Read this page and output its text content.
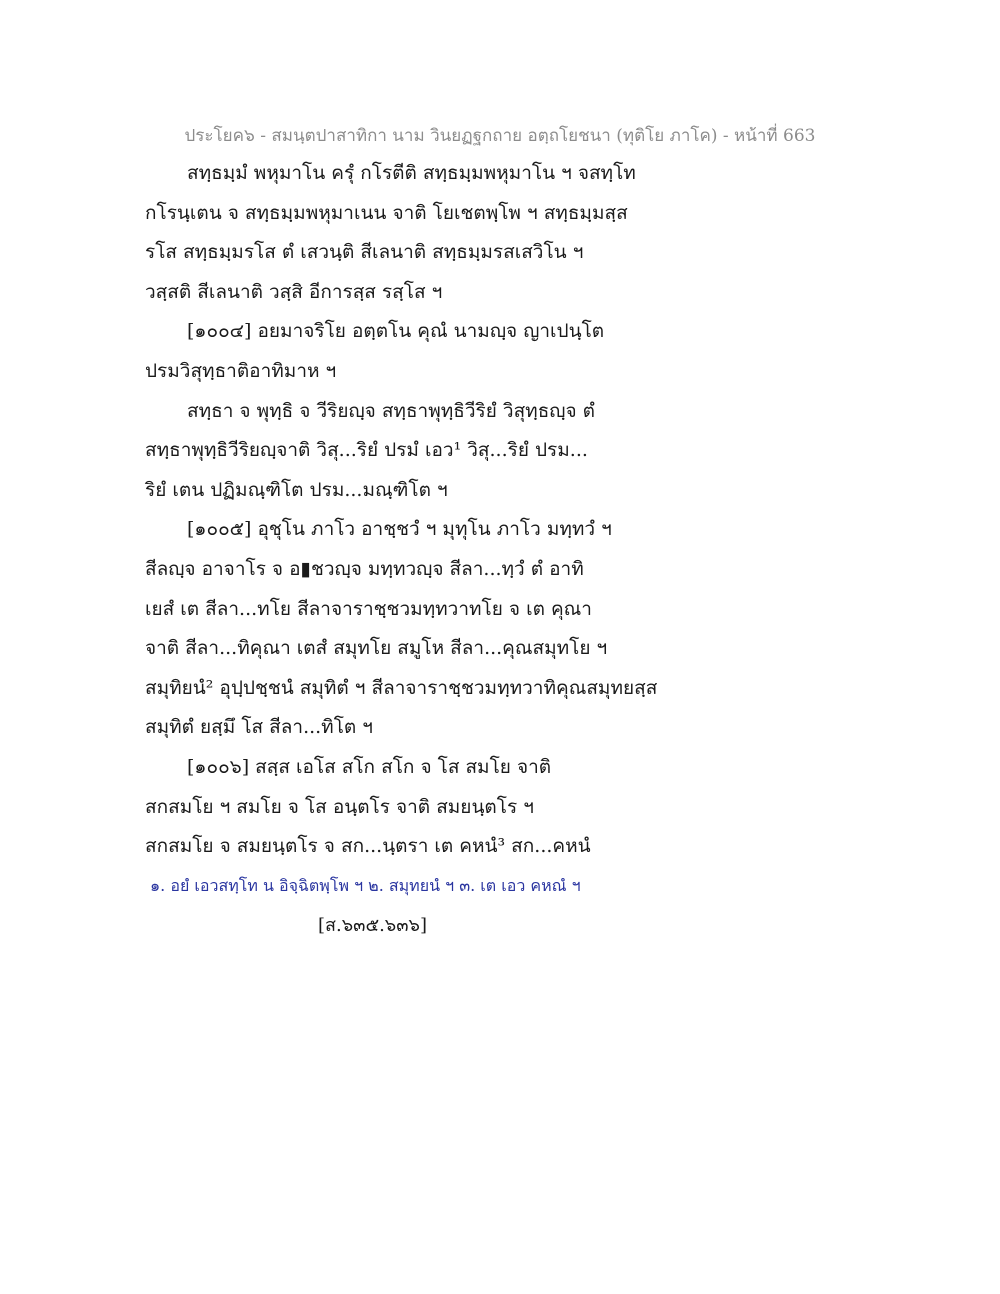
ประโยค๖ - สมนฺตปาสาทิกา นาม วินยฏฐกถาย อตฺถโยชนา (ทุติโย ภาโค) - หน้าที่ 663
สทฺธมฺมํ พหุมาโน ครุํ กโรตีติ สทฺธมฺมพหุมาโน ฯ จสทฺโท
กโรนฺเตน จ สทฺธมฺมพหุมาเนน จาติ โยเชตพฺโพ ฯ สทฺธมฺมสฺส
รโส สทฺธมฺมรโส ตํ เสวนฺติ สีเลนาติ สทฺธมฺมรสเสวิโน ฯ
วสฺสติ สีเลนาติ วสฺสิ อีการสฺส รสฺโส ฯ
[๑๐๐๔] อยมาจริโย อตฺตโน คุณํ นามญฺจ ญาเปนฺโต
ปรมวิสุทฺธาติอาทิมาห ฯ
สทฺธา จ พุทฺธิ จ วีริยญฺจ สทฺธาพุทฺธิวีริยํ วิสุทฺธญฺจ ตํ
สทฺธาพุทฺธิวีริยญฺจาติ วิสุ...ริยํ ปรมํ เอว¹ วิสุ...ริยํ ปรม...
ริยํ เตน ปฏิมณฺฑิโต ปรม...มณฺฑิโต ฯ
[๑๐๐๕] อุชุโน ภาโว อาชฺชวํ ฯ มุทุโน ภาโว มทฺทวํ ฯ
สีลญฺจ อาจาโร จ อ▮ชวญฺจ มทฺทวญฺจ สีลา...ทฺวํ ตํ อาทิ
เยสํ เต สีลา...ทโย สีลาจาราชฺชวมทฺทวาทโย จ เต คุณา
จาติ สีลา...ทิคุณา เตสํ สมุทโย สมูโห สีลา...คุณสมุทโย ฯ
สมุทิยนํ² อุปฺปชฺชนํ สมุทิตํ ฯ สีลาจาราชฺชวมทฺทวาทิคุณสมุทยสฺส
สมุทิตํ ยสฺมึ โส สีลา...ทิโต ฯ
[๑๐๐๖] สสฺส เอโส สโก สโก จ โส สมโย จาติ
สกสมโย ฯ สมโย จ โส อนฺตโร จาติ สมยนฺตโร ฯ
สกสมโย จ สมยนฺตโร จ สก...นฺตรา เต คหนํ³ สก...คหนํ
๑. อยํ เอวสทฺโท น อิจฺฉิตพฺโพ ฯ ๒. สมุทยนํ ฯ ๓. เต เอว คหณํ ฯ
[ส.๖๓๕.๖๓๖]
